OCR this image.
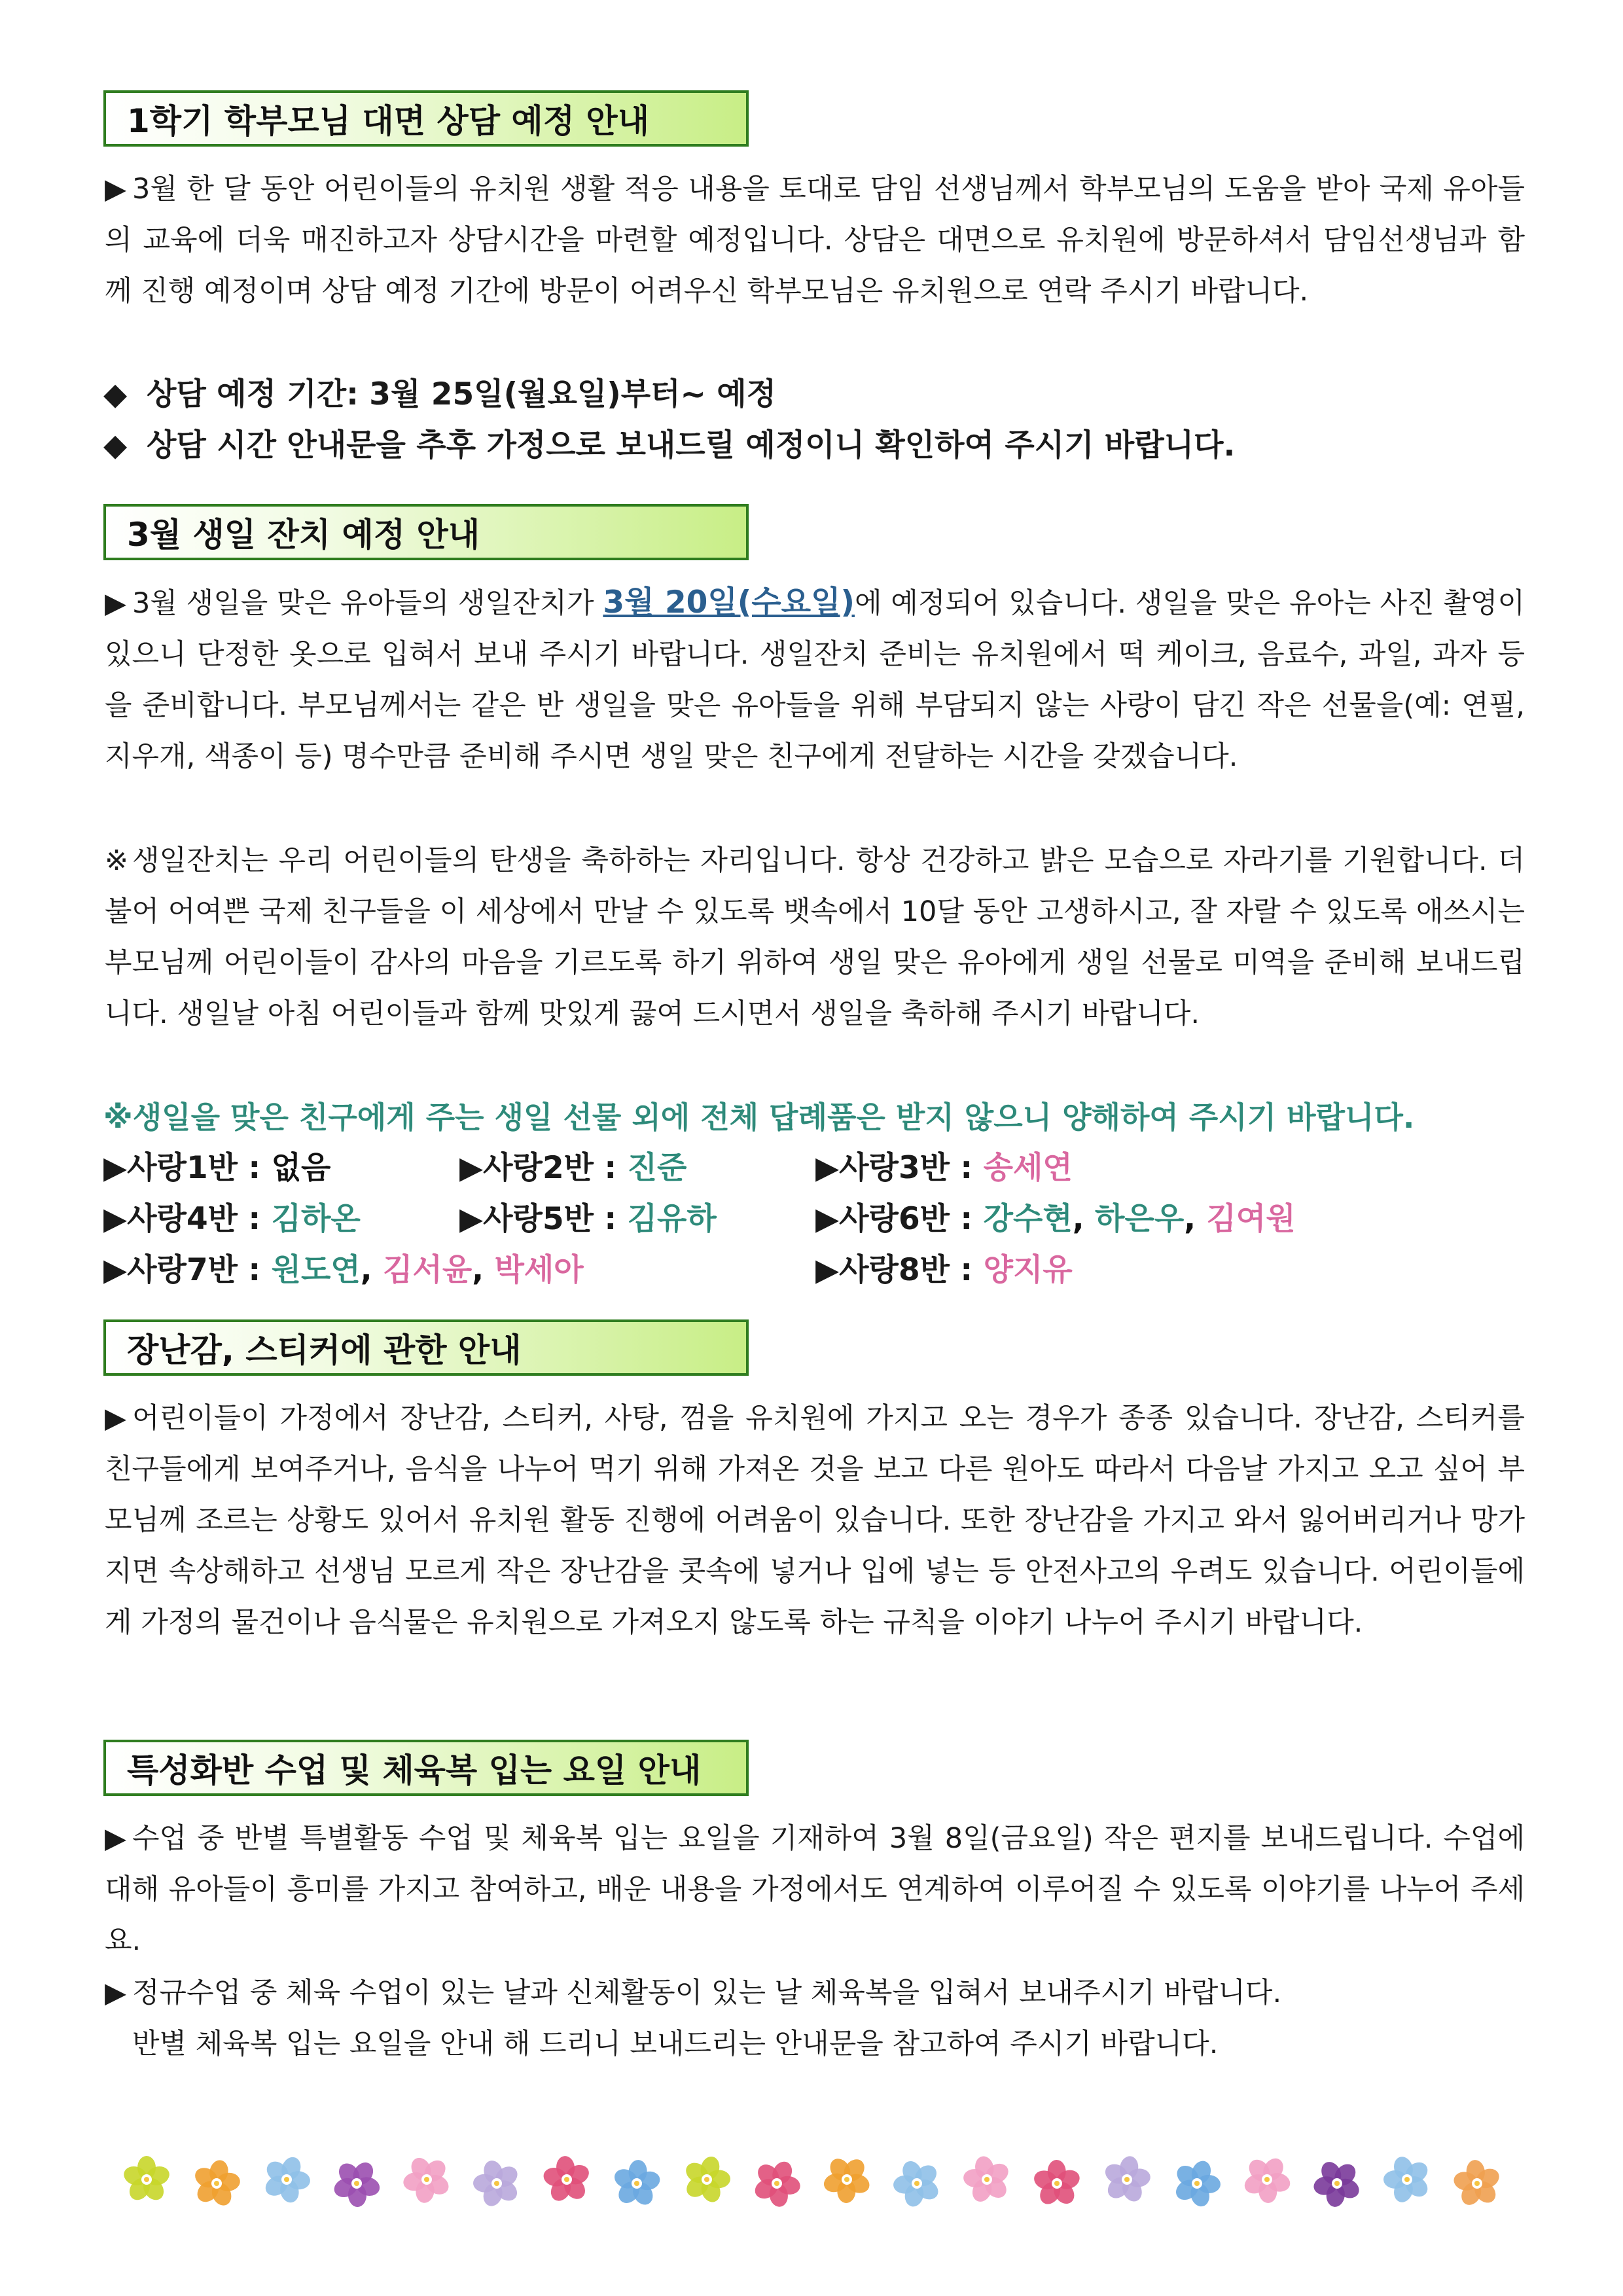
1학기 학부모님 대면 상담 예정 안내
▶ 3월 한 달 동안 어린이들의 유치원 생활 적응 내용을 토대로 담임 선생님께서 학부모님의 도움을 받아 국제 유아들의 교육에 더욱 매진하고자 상담시간을 마련할 예정입니다. 상담은 대면으로 유치원에 방문하셔서 담임선생님과 함께 진행 예정이며 상담 예정 기간에 방문이 어려우신 학부모님은 유치원으로 연락 주시기 바랍니다.
◆ 상담 예정 기간: 3월 25일(월요일)부터~ 예정
◆ 상담 시간 안내문을 추후 가정으로 보내드릴 예정이니 확인하여 주시기 바랍니다.
3월 생일 잔치 예정 안내
▶ 3월 생일을 맞은 유아들의 생일잔치가 3월 20일(수요일)에 예정되어 있습니다. 생일을 맞은 유아는 사진 촬영이 있으니 단정한 옷으로 입혀서 보내 주시기 바랍니다. 생일잔치 준비는 유치원에서 떡 케이크, 음료수, 과일, 과자 등을 준비합니다. 부모님께서는 같은 반 생일을 맞은 유아들을 위해 부담되지 않는 사랑이 담긴 작은 선물을(예: 연필, 지우개, 색종이 등) 명수만큼 준비해 주시면 생일 맞은 친구에게 전달하는 시간을 갖겠습니다.
※ 생일잔치는 우리 어린이들의 탄생을 축하하는 자리입니다. 항상 건강하고 밝은 모습으로 자라기를 기원합니다. 더불어 어여쁜 국제 친구들을 이 세상에서 만날 수 있도록 뱃속에서 10달 동안 고생하시고, 잘 자랄 수 있도록 애쓰시는 부모님께 어린이들이 감사의 마음을 기르도록 하기 위하여 생일 맞은 유아에게 생일 선물로 미역을 준비해 보내드립니다. 생일날 아침 어린이들과 함께 맛있게 끓여 드시면서 생일을 축하해 주시기 바랍니다.
※생일을 맞은 친구에게 주는 생일 선물 외에 전체 답례품은 받지 않으니 양해하여 주시기 바랍니다.
▶사랑1반 : 없음	▶사랑2반 : 진준	▶사랑3반 : 송세연
▶사랑4반 : 김하온	▶사랑5반 : 김유하	▶사랑6반 : 강수현, 하은우, 김여원
▶사랑7반 : 원도연, 김서윤, 박세아	▶사랑8반 : 양지유
장난감, 스티커에 관한 안내
▶ 어린이들이 가정에서 장난감, 스티커, 사탕, 껌을 유치원에 가지고 오는 경우가 종종 있습니다. 장난감, 스티커를 친구들에게 보여주거나, 음식을 나누어 먹기 위해 가져온 것을 보고 다른 원아도 따라서 다음날 가지고 오고 싶어 부모님께 조르는 상황도 있어서 유치원 활동 진행에 어려움이 있습니다. 또한 장난감을 가지고 와서 잃어버리거나 망가지면 속상해하고 선생님 모르게 작은 장난감을 콧속에 넣거나 입에 넣는 등 안전사고의 우려도 있습니다. 어린이들에게 가정의 물건이나 음식물은 유치원으로 가져오지 않도록 하는 규칙을 이야기 나누어 주시기 바랍니다.
특성화반 수업 및 체육복 입는 요일 안내
▶ 수업 중 반별 특별활동 수업 및 체육복 입는 요일을 기재하여 3월 8일(금요일) 작은 편지를 보내드립니다. 수업에 대해 유아들이 흥미를 가지고 참여하고, 배운 내용을 가정에서도 연계하여 이루어질 수 있도록 이야기를 나누어 주세요.
▶ 정규수업 중 체육 수업이 있는 날과 신체활동이 있는 날 체육복을 입혀서 보내주시기 바랍니다.
반별 체육복 입는 요일을 안내 해 드리니 보내드리는 안내문을 참고하여 주시기 바랍니다.
